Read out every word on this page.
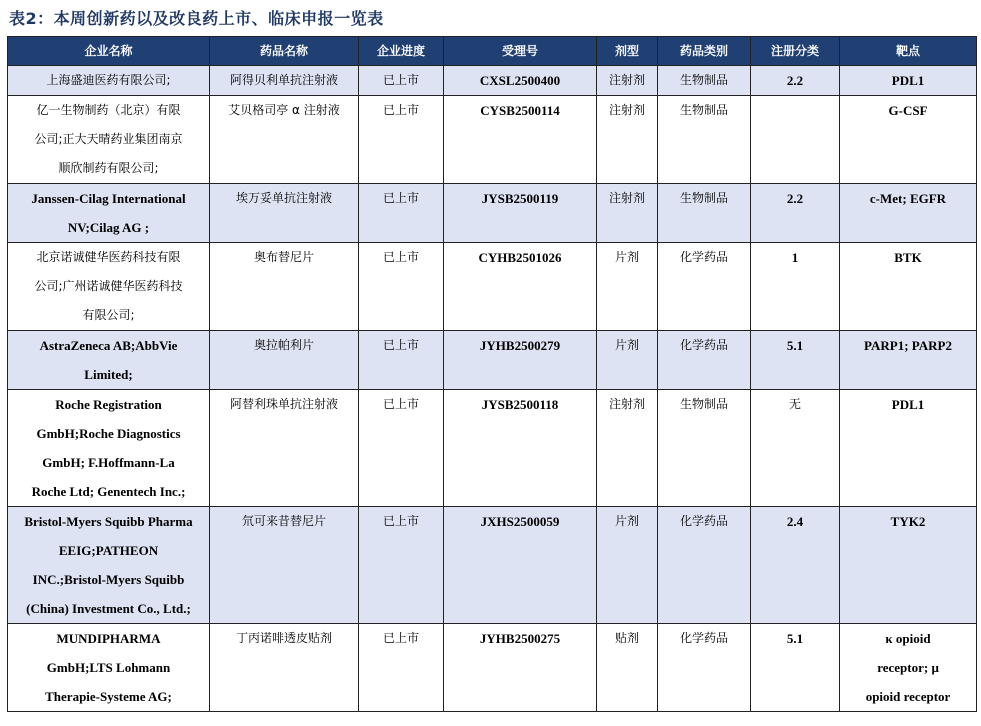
表2：本周创新药以及改良药上市、临床申报一览表
企业名称	药品名称	企业进度	受理号	剂型	药品类别	注册分类	靶点

上海盛迪医药有限公司;	阿得贝利单抗注射液	已上市	CXSL2500400	注射剂	生物制品	2.2	PDL1

亿一生物制药（北京）有限
公司;正大天晴药业集团南京
顺欣制药有限公司;	艾贝格司亭 α 注射液	已上市	CYSB2500114	注射剂	生物制品		G-CSF

Janssen-Cilag International
NV;Cilag AG ;	埃万妥单抗注射液	已上市	JYSB2500119	注射剂	生物制品	2.2	c-Met; EGFR

北京诺诚健华医药科技有限
公司;广州诺诚健华医药科技
有限公司;	奥布替尼片	已上市	CYHB2501026	片剂	化学药品	1	BTK

AstraZeneca AB;AbbVie
Limited;	奥拉帕利片	已上市	JYHB2500279	片剂	化学药品	5.1	PARP1; PARP2

Roche Registration
GmbH;Roche Diagnostics
GmbH; F.Hoffmann-La
Roche Ltd; Genentech Inc.;	阿替利珠单抗注射液	已上市	JYSB2500118	注射剂	生物制品	无	PDL1

Bristol-Myers Squibb Pharma
EEIG;PATHEON
INC.;Bristol-Myers Squibb
(China) Investment Co., Ltd.;	氘可来昔替尼片	已上市	JXHS2500059	片剂	化学药品	2.4	TYK2

MUNDIPHARMA
GmbH;LTS Lohmann
Therapie-Systeme AG;	丁丙诺啡透皮贴剂	已上市	JYHB2500275	贴剂	化学药品	5.1	κ opioid
receptor; μ
opioid receptor
